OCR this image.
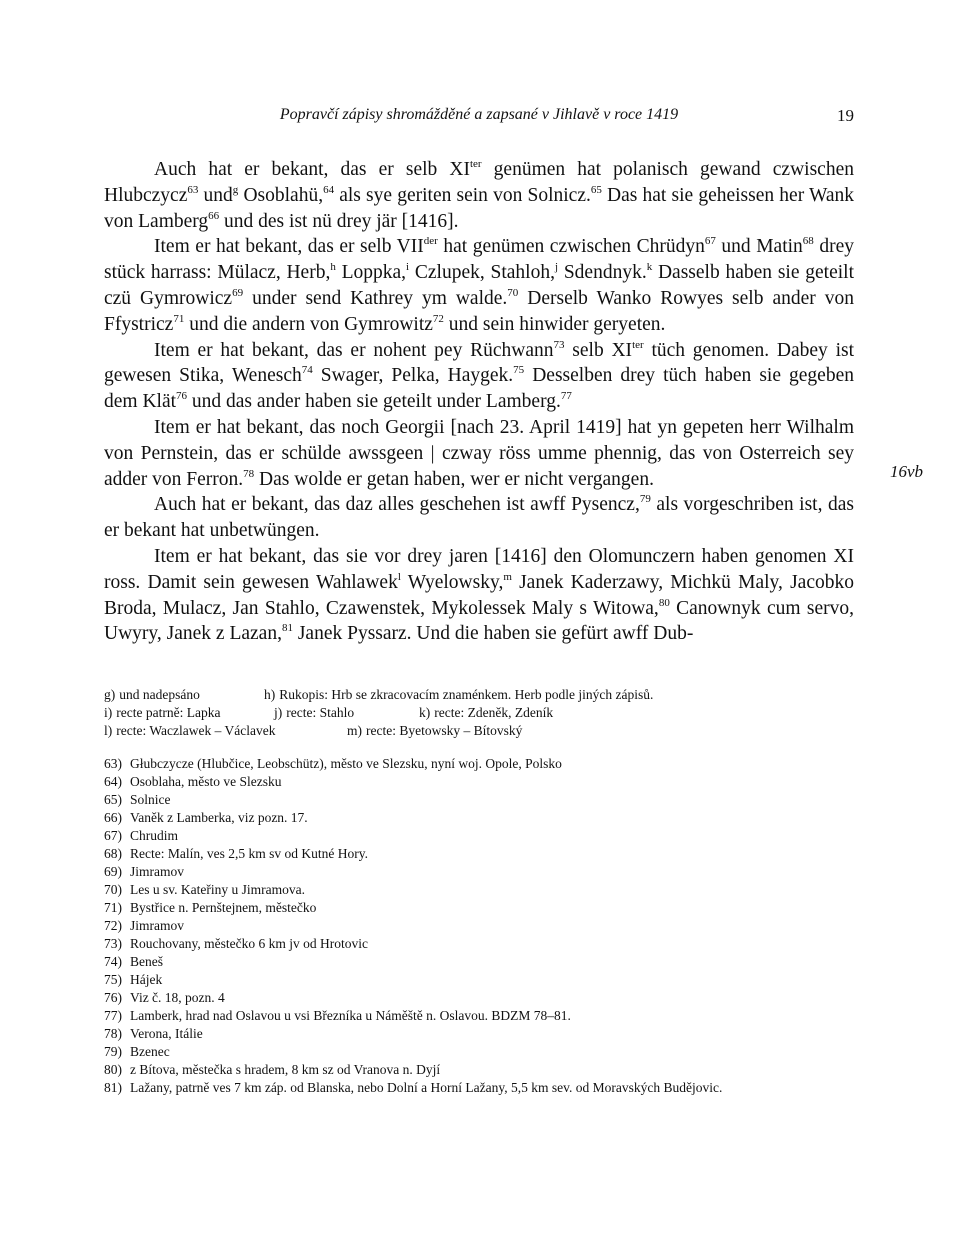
Popravčí zápisy shromážděné a zapsané v Jihlavě v roce 1419	19

Auch hat er bekant, das er selb $XI^{ter}$ genümen hat polanisch gewand czwischen Hlubczycz$^{63}$ und$^g$ Osoblahü,$^{64}$ als sye geriten sein von Solnicz.$^{65}$ Das hat sie geheissen her Wank von Lamberg$^{66}$ und des ist nü drey jär [1416].

Item er hat bekant, das er selb $VII^{der}$ hat genümen czwischen Chrüdyn$^{67}$ und Matin$^{68}$ drey stück harrass: Mülacz, Herb,$^h$ Loppka,$^i$ Czlupek, Stahloh,$^j$ Sdendnyk.$^k$ Dasselb haben sie geteilt czü Gymrowicz$^{69}$ under send Kathrey ym walde.$^{70}$ Derselb Wanko Rowyes selb ander von Ffystricz$^{71}$ und die andern von Gymrowitz$^{72}$ und sein hinwider geryeten.

Item er hat bekant, das er nohent pey Rüchwann$^{73}$ selb $XI^{ter}$ tüch genomen. Dabey ist gewesen Stika, Wenesch$^{74}$ Swager, Pelka, Haygek.$^{75}$ Desselben drey tüch haben sie gegeben dem Klät$^{76}$ und das ander haben sie geteilt under Lamberg.$^{77}$

Item er hat bekant, das noch Georgii [nach 23. April 1419] hat yn gepeten herr Wilhalm von Pernstein, das er schülde awssgeen | czway röss umme phennig, das von Osterreich sey adder von Ferron.$^{78}$ Das wolde er getan haben, wer er nicht vergangen.

Auch hat er bekant, das daz alles geschehen ist awff Pysencz,$^{79}$ als vorgeschriben ist, das er bekant hat unbetwüngen.

Item er hat bekant, das sie vor drey jaren [1416] den Olomunczern haben genomen XI ross. Damit sein gewesen Wahlawek$^l$ Wyelowsky,$^m$ Janek Kaderzawy, Michkü Maly, Jacobko Broda, Mulacz, Jan Stahlo, Czawenstek, Mykolessek Maly s Witowa,$^{80}$ Canownyk cum servo, Uwyry, Janek z Lazan,$^{81}$ Janek Pyssarz. Und die haben sie gefürt awff Dub-

16vb
g) und nadepsáno	h) Rukopis: Hrb se zkracovacím znaménkem. Herb podle jiných zápisů.
i) recte patrně: Lapka	j) recte: Stahlo	k) recte: Zdeněk, Zdeník
l) recte: Waczlawek – Václavek	m) recte: Byetowsky – Bítovský
63) Głubczycze (Hlubčice, Leobschütz), město ve Slezsku, nyní woj. Opole, Polsko
64) Osoblaha, město ve Slezsku
65) Solnice
66) Vaněk z Lamberka, viz pozn. 17.
67) Chrudim
68) Recte: Malín, ves 2,5 km sv od Kutné Hory.
69) Jimramov
70) Les u sv. Kateřiny u Jimramova.
71) Bystřice n. Pernštejnem, městečko
72) Jimramov
73) Rouchovany, městečko 6 km jv od Hrotovic
74) Beneš
75) Hájek
76) Viz č. 18, pozn. 4
77) Lamberk, hrad nad Oslavou u vsi Březníka u Náměště n. Oslavou. BDZM 78–81.
78) Verona, Itálie
79) Bzenec
80) z Bítova, městečka s hradem, 8 km sz od Vranova n. Dyjí
81) Lažany, patrně ves 7 km záp. od Blanska, nebo Dolní a Horní Lažany, 5,5 km sev. od Moravských Budějovic.
